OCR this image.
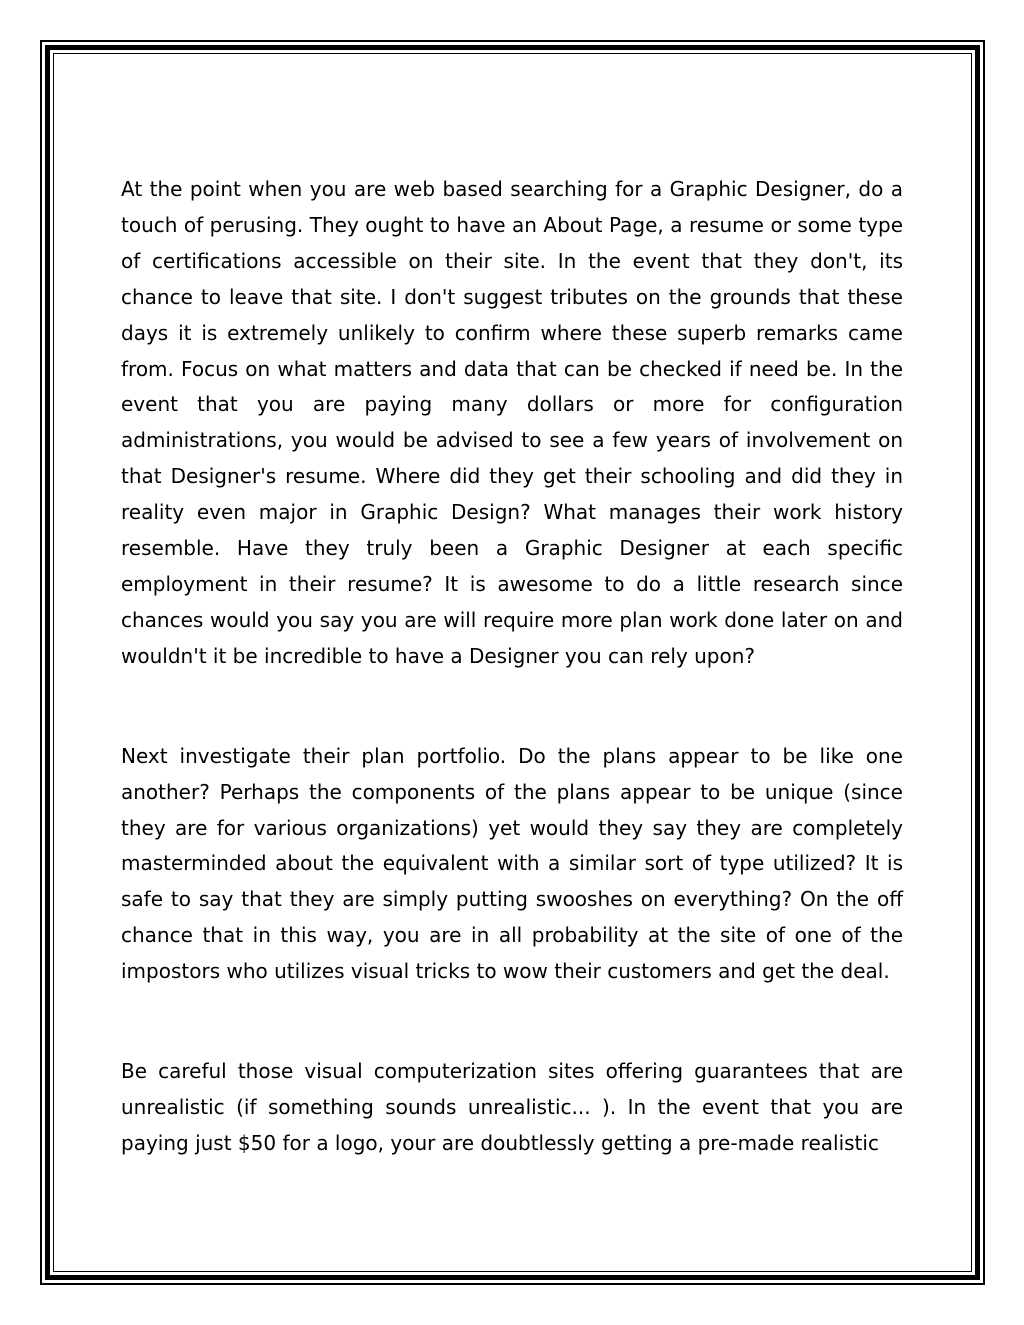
At the point when you are web based searching for a Graphic Designer, do a touch of perusing. They ought to have an About Page, a resume or some type of certifications accessible on their site. In the event that they don't, its chance to leave that site. I don't suggest tributes on the grounds that these days it is extremely unlikely to confirm where these superb remarks came from. Focus on what matters and data that can be checked if need be. In the event that you are paying many dollars or more for configuration administrations, you would be advised to see a few years of involvement on that Designer's resume. Where did they get their schooling and did they in reality even major in Graphic Design? What manages their work history resemble. Have they truly been a Graphic Designer at each specific employment in their resume? It is awesome to do a little research since chances would you say you are will require more plan work done later on and wouldn't it be incredible to have a Designer you can rely upon?

Next investigate their plan portfolio. Do the plans appear to be like one another? Perhaps the components of the plans appear to be unique (since they are for various organizations) yet would they say they are completely masterminded about the equivalent with a similar sort of type utilized? It is safe to say that they are simply putting swooshes on everything? On the off chance that in this way, you are in all probability at the site of one of the impostors who utilizes visual tricks to wow their customers and get the deal.

Be careful those visual computerization sites offering guarantees that are unrealistic (if something sounds unrealistic... ). In the event that you are paying just $50 for a logo, your are doubtlessly getting a pre-made realistic
